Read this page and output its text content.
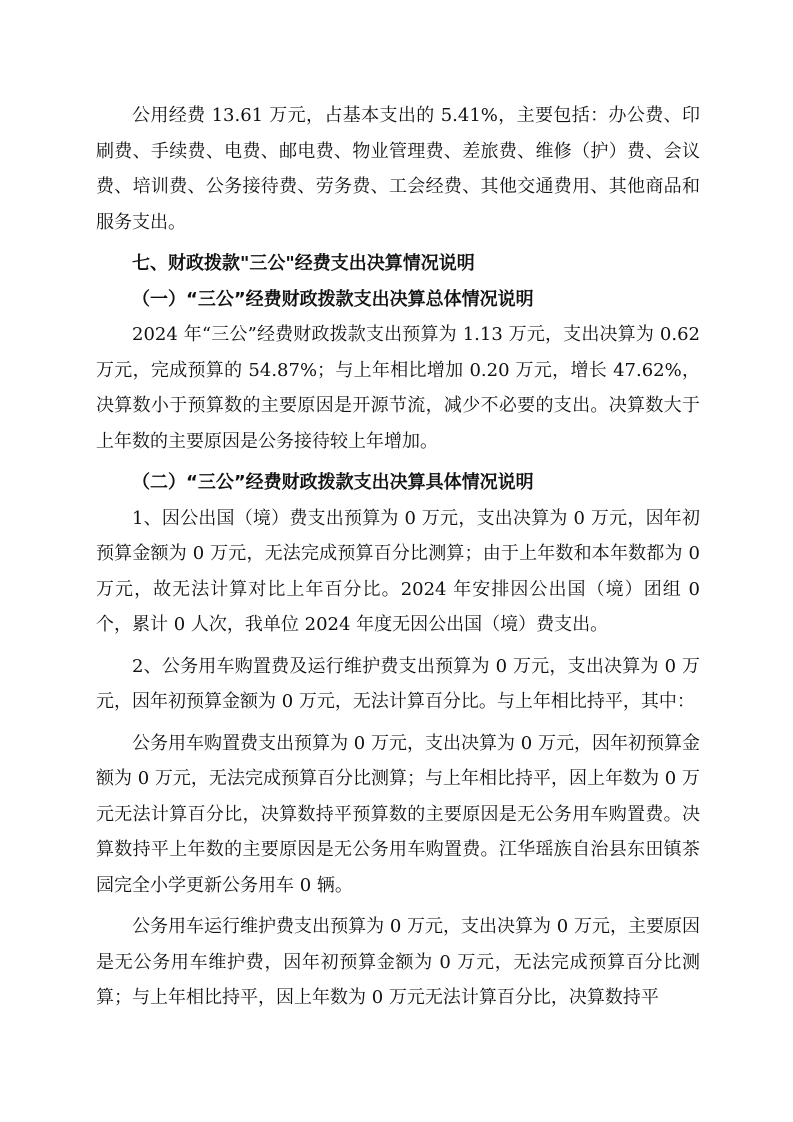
公用经费 13.61 万元，占基本支出的 5.41%，主要包括：办公费、印刷费、手续费、电费、邮电费、物业管理费、差旅费、维修（护）费、会议费、培训费、公务接待费、劳务费、工会经费、其他交通费用、其他商品和服务支出。

七、财政拨款"三公"经费支出决算情况说明

（一）“三公”经费财政拨款支出决算总体情况说明

2024 年“三公”经费财政拨款支出预算为 1.13 万元，支出决算为 0.62 万元，完成预算的 54.87%；与上年相比增加 0.20 万元，增长 47.62%，决算数小于预算数的主要原因是开源节流，减少不必要的支出。决算数大于上年数的主要原因是公务接待较上年增加。

（二）“三公”经费财政拨款支出决算具体情况说明

1、因公出国（境）费支出预算为 0 万元，支出决算为 0 万元，因年初预算金额为 0 万元，无法完成预算百分比测算；由于上年数和本年数都为 0 万元，故无法计算对比上年百分比。2024 年安排因公出国（境）团组 0 个，累计 0 人次，我单位 2024 年度无因公出国（境）费支出。

2、公务用车购置费及运行维护费支出预算为 0 万元，支出决算为 0 万元，因年初预算金额为 0 万元，无法计算百分比。与上年相比持平，其中：

公务用车购置费支出预算为 0 万元，支出决算为 0 万元，因年初预算金额为 0 万元，无法完成预算百分比测算；与上年相比持平，因上年数为 0 万元无法计算百分比，决算数持平预算数的主要原因是无公务用车购置费。决算数持平上年数的主要原因是无公务用车购置费。江华瑶族自治县东田镇茶园完全小学更新公务用车 0 辆。

公务用车运行维护费支出预算为 0 万元，支出决算为 0 万元，主要原因是无公务用车维护费，因年初预算金额为 0 万元，无法完成预算百分比测算；与上年相比持平，因上年数为 0 万元无法计算百分比，决算数持平
